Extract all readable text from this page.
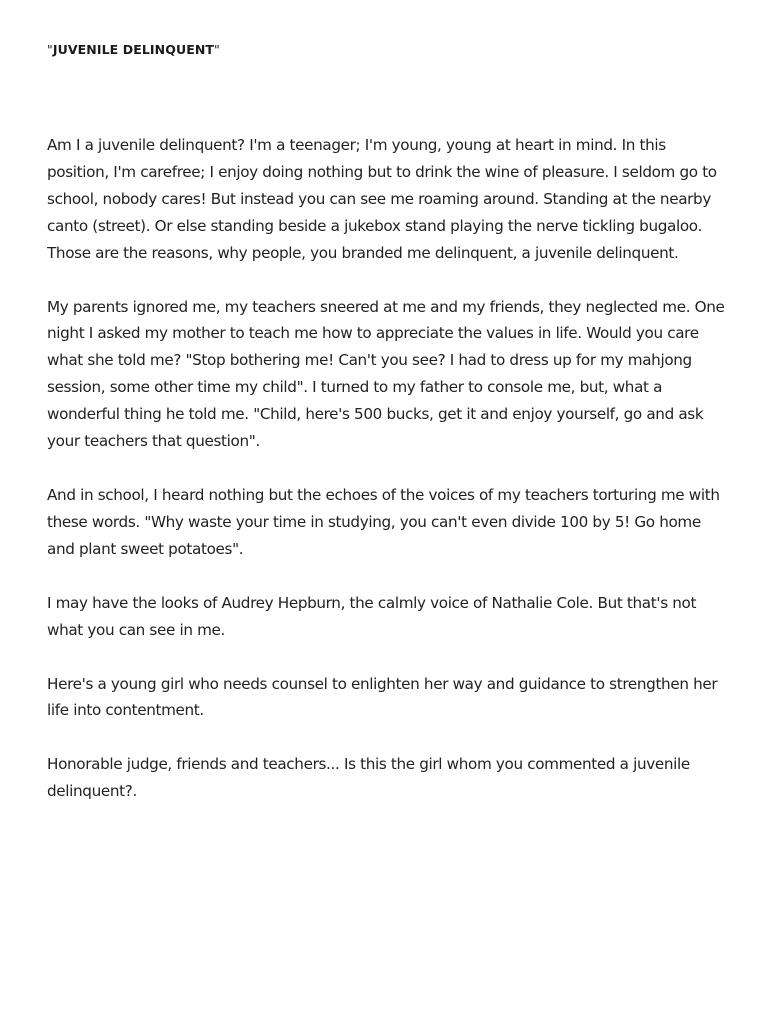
"JUVENILE DELINQUENT"

Am I a juvenile delinquent? I'm a teenager; I'm young, young at heart in mind. In this position, I'm carefree; I enjoy doing nothing but to drink the wine of pleasure. I seldom go to school, nobody cares! But instead you can see me roaming around. Standing at the nearby canto (street). Or else standing beside a jukebox stand playing the nerve tickling bugaloo. Those are the reasons, why people, you branded me delinquent, a juvenile delinquent.

My parents ignored me, my teachers sneered at me and my friends, they neglected me. One night I asked my mother to teach me how to appreciate the values in life. Would you care what she told me? "Stop bothering me! Can't you see? I had to dress up for my mahjong session, some other time my child". I turned to my father to console me, but, what a wonderful thing he told me. "Child, here's 500 bucks, get it and enjoy yourself, go and ask your teachers that question".

And in school, I heard nothing but the echoes of the voices of my teachers torturing me with these words. "Why waste your time in studying, you can't even divide 100 by 5! Go home and plant sweet potatoes".

I may have the looks of Audrey Hepburn, the calmly voice of Nathalie Cole. But that's not what you can see in me.

Here's a young girl who needs counsel to enlighten her way and guidance to strengthen her life into contentment.

Honorable judge, friends and teachers... Is this the girl whom you commented a juvenile delinquent?.
